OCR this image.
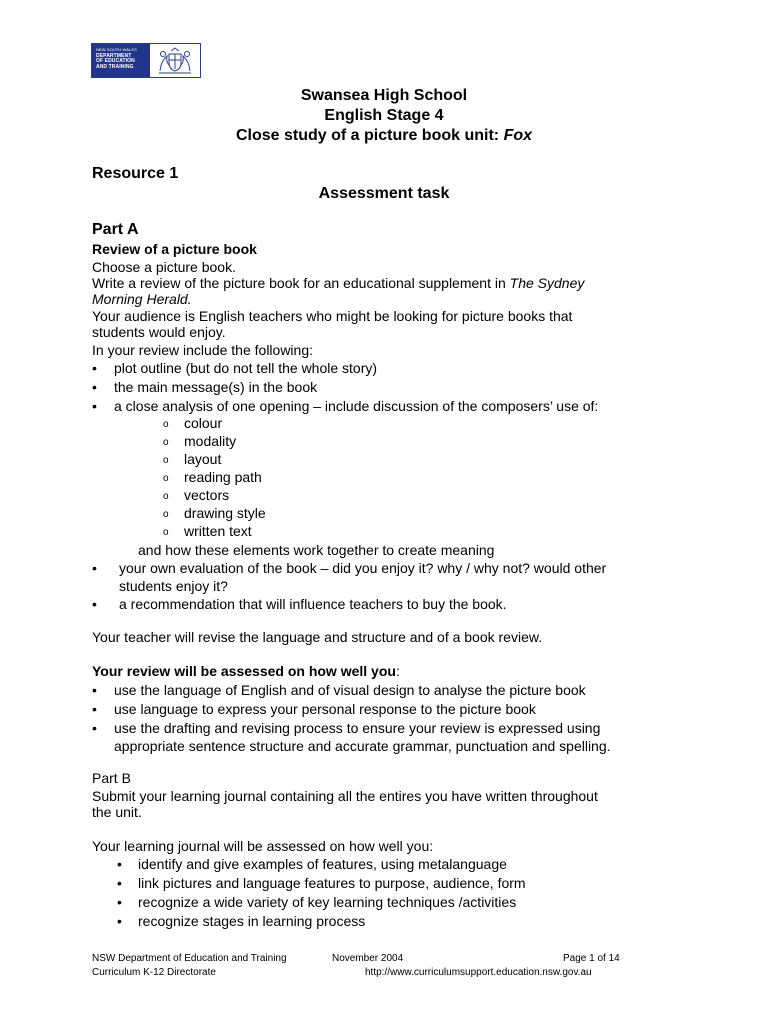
NEW SOUTH WALES
DEPARTMENT
OF EDUCATION
AND TRAINING
Swansea High School
English Stage 4
Close study of a picture book unit: Fox
Resource 1
Assessment task
Part A
Review of a picture book
Choose a picture book.
Write a review of the picture book for an educational supplement in The Sydney
Morning Herald.
Your audience is English teachers who might be looking for picture books that
students would enjoy.
In your review include the following:
• plot outline (but do not tell the whole story)
• the main message(s) in the book
• a close analysis of one opening – include discussion of the composers’ use of:
o colour
o modality
o layout
o reading path
o vectors
o drawing style
o written text
and how these elements work together to create meaning
• your own evaluation of the book – did you enjoy it? why / why not? would other
students enjoy it?
• a recommendation that will influence teachers to buy the book.
Your teacher will revise the language and structure and of a book review.
Your review will be assessed on how well you:
• use the language of English and of visual design to analyse the picture book
• use language to express your personal response to the picture book
• use the drafting and revising process to ensure your review is expressed using
appropriate sentence structure and accurate grammar, punctuation and spelling.
Part B
Submit your learning journal containing all the entires you have written throughout
the unit.
Your learning journal will be assessed on how well you:
• identify and give examples of features, using metalanguage
• link pictures and language features to purpose, audience, form
• recognize a wide variety of key learning techniques /activities
• recognize stages in learning process
NSW Department of Education and Training	November 2004	Page 1 of 14
Curriculum K-12 Directorate	http://www.curriculumsupport.education.nsw.gov.au
